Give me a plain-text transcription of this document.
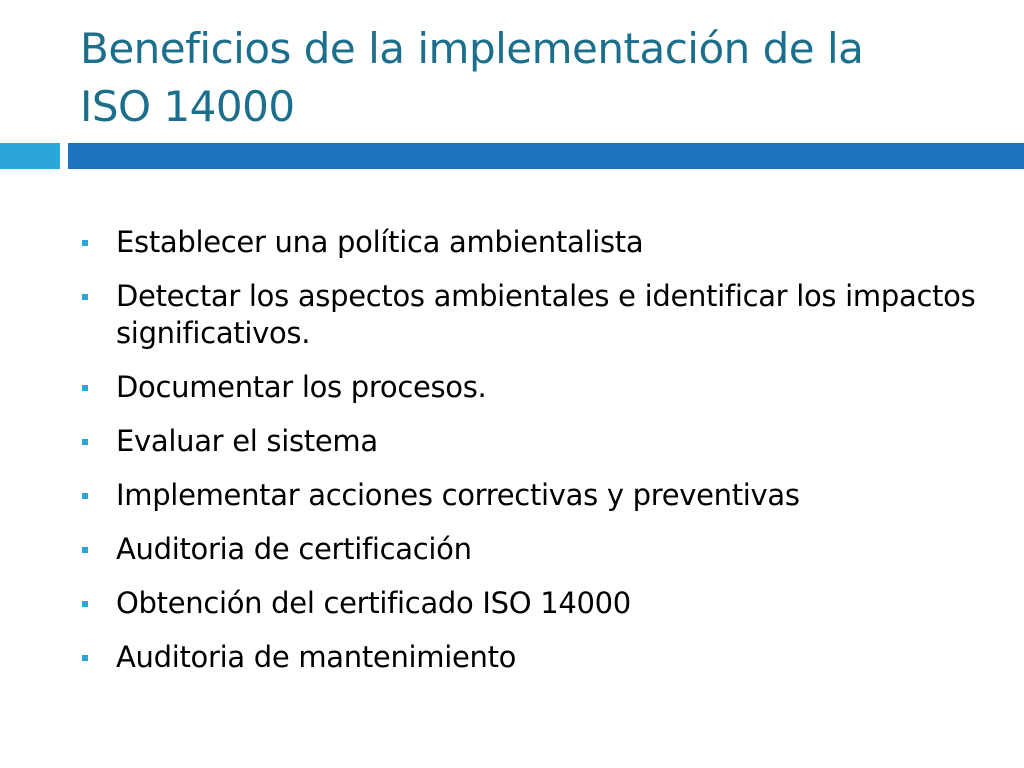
Beneficios de la implementación de la
ISO 14000
Establecer una política ambientalista
Detectar los aspectos ambientales e identificar los impactos significativos.
Documentar los procesos.
Evaluar el sistema
Implementar acciones correctivas y preventivas
Auditoria de certificación
Obtención del certificado ISO 14000
Auditoria de mantenimiento
